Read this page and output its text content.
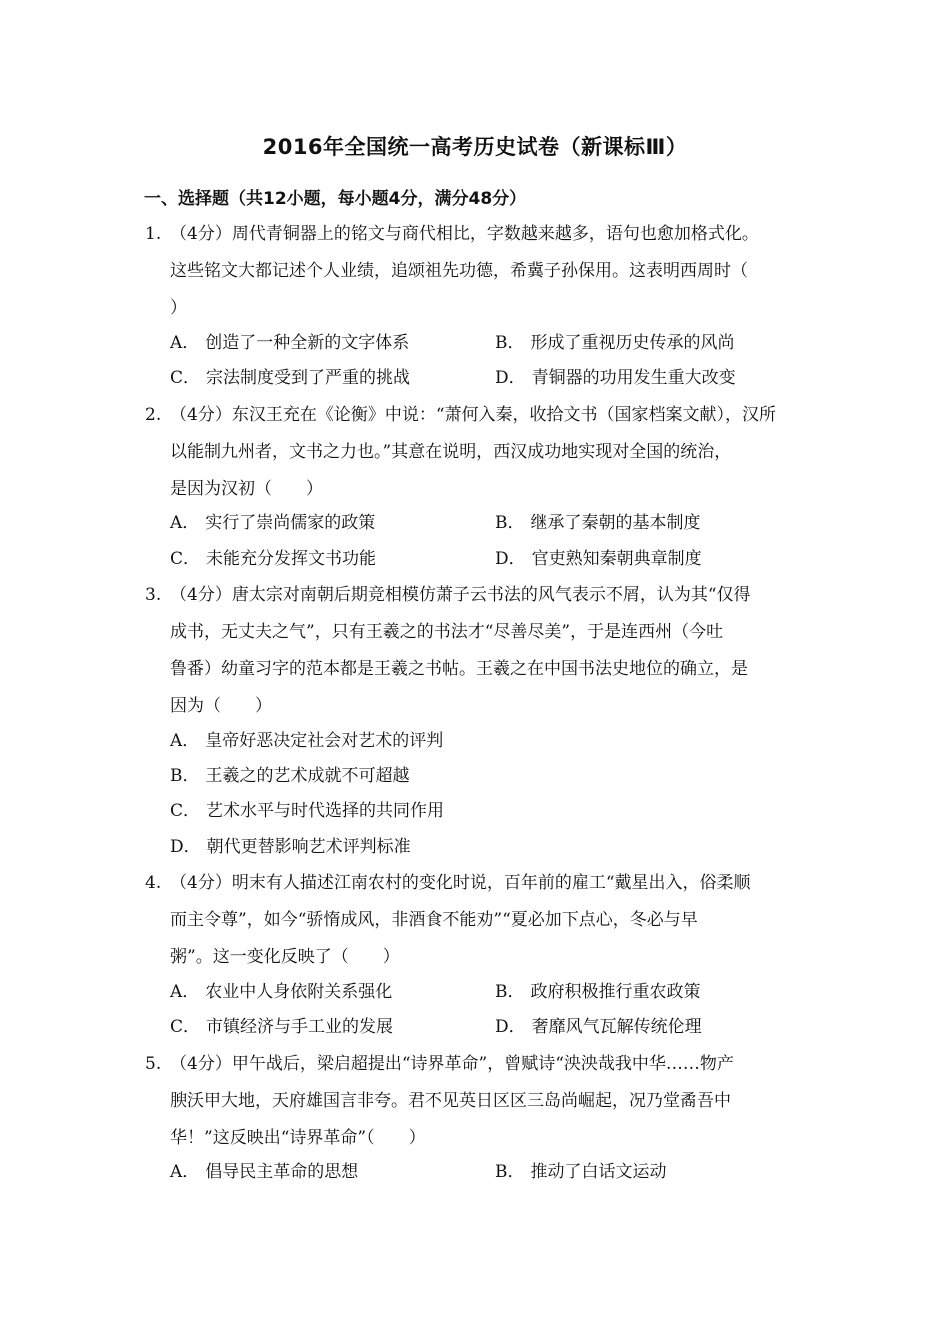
2016年全国统一高考历史试卷（新课标Ⅲ）
一、选择题（共12小题，每小题4分，满分48分）
1. （4分）周代青铜器上的铭文与商代相比，字数越来越多，语句也愈加格式化。
这些铭文大都记述个人业绩，追颂祖先功德，希冀子孙保用。这表明西周时（
）
A． 创造了一种全新的文字体系	B． 形成了重视历史传承的风尚
C． 宗法制度受到了严重的挑战	D． 青铜器的功用发生重大改变
2. （4分）东汉王充在《论衡》中说：“萧何入秦，收拾文书（国家档案文献），汉所
以能制九州者，文书之力也。”其意在说明，西汉成功地实现对全国的统治，
是因为汉初（　　）
A． 实行了崇尚儒家的政策	B． 继承了秦朝的基本制度
C． 未能充分发挥文书功能	D． 官吏熟知秦朝典章制度
3. （4分）唐太宗对南朝后期竞相模仿萧子云书法的风气表示不屑，认为其“仅得
成书，无丈夫之气”，只有王羲之的书法才“尽善尽美”，于是连西州（今吐
鲁番）幼童习字的范本都是王羲之书帖。王羲之在中国书法史地位的确立，是
因为（　　）
A． 皇帝好恶决定社会对艺术的评判
B． 王羲之的艺术成就不可超越
C． 艺术水平与时代选择的共同作用
D． 朝代更替影响艺术评判标准
4. （4分）明末有人描述江南农村的变化时说，百年前的雇工“戴星出入，俗柔顺
而主令尊”，如今“骄惰成风，非酒食不能劝”“夏必加下点心，冬必与早
粥”。这一变化反映了（　　）
A． 农业中人身依附关系强化	B． 政府积极推行重农政策
C． 市镇经济与手工业的发展	D． 奢靡风气瓦解传统伦理
5. （4分）甲午战后，梁启超提出“诗界革命”，曾赋诗“泱泱哉我中华……物产
腴沃甲大地，天府雄国言非夸。君不见英日区区三岛尚崛起，况乃堂矞吾中
华！”这反映出“诗界革命”（　　）
A． 倡导民主革命的思想	B． 推动了白话文运动
